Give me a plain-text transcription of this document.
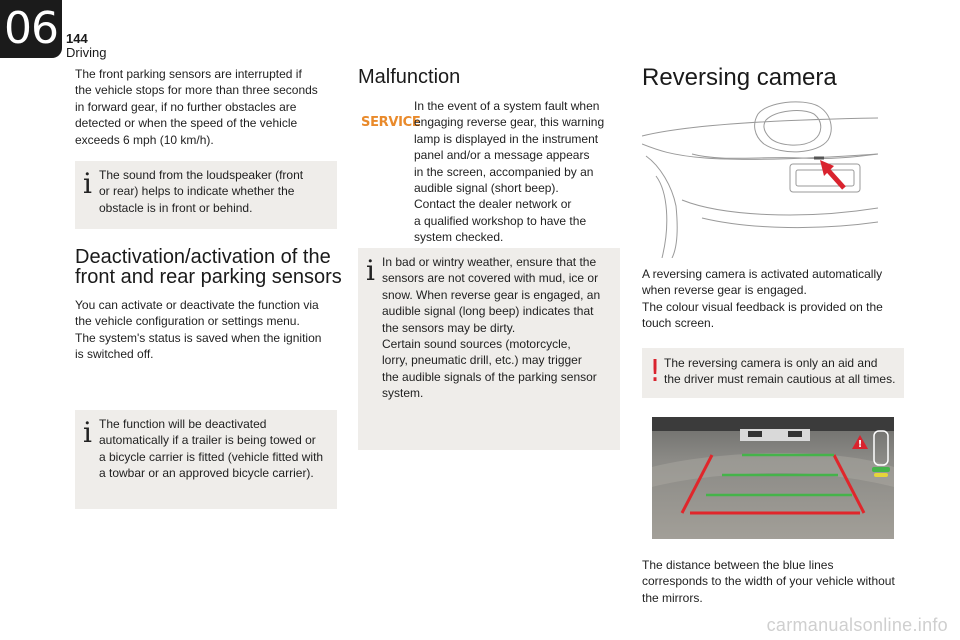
06 144
Driving
The front parking sensors are interrupted if
the vehicle stops for more than three seconds
in forward gear, if no further obstacles are
detected or when the speed of the vehicle
exceeds 6 mph (10 km/h).
i The sound from the loudspeaker (front
or rear) helps to indicate whether the
obstacle is in front or behind.
Deactivation/activation of the
front and rear parking sensors
You can activate or deactivate the function via
the vehicle configuration or settings menu.
The system's status is saved when the ignition
is switched off.
i The function will be deactivated
automatically if a trailer is being towed or
a bicycle carrier is fitted (vehicle fitted with
a towbar or an approved bicycle carrier).
Malfunction
SERVICE
In the event of a system fault when
engaging reverse gear, this warning
lamp is displayed in the instrument
panel and/or a message appears
in the screen, accompanied by an
audible signal (short beep).
Contact the dealer network or
a qualified workshop to have the
system checked.
i In bad or wintry weather, ensure that the
sensors are not covered with mud, ice or
snow. When reverse gear is engaged, an
audible signal (long beep) indicates that
the sensors may be dirty.
Certain sound sources (motorcycle,
lorry, pneumatic drill, etc.) may trigger
the audible signals of the parking sensor
system.
Reversing camera
A reversing camera is activated automatically
when reverse gear is engaged.
The colour visual feedback is provided on the
touch screen.
! The reversing camera is only an aid and
the driver must remain cautious at all times.
!
The distance between the blue lines
corresponds to the width of your vehicle without
the mirrors.
carmanualsonline.info
